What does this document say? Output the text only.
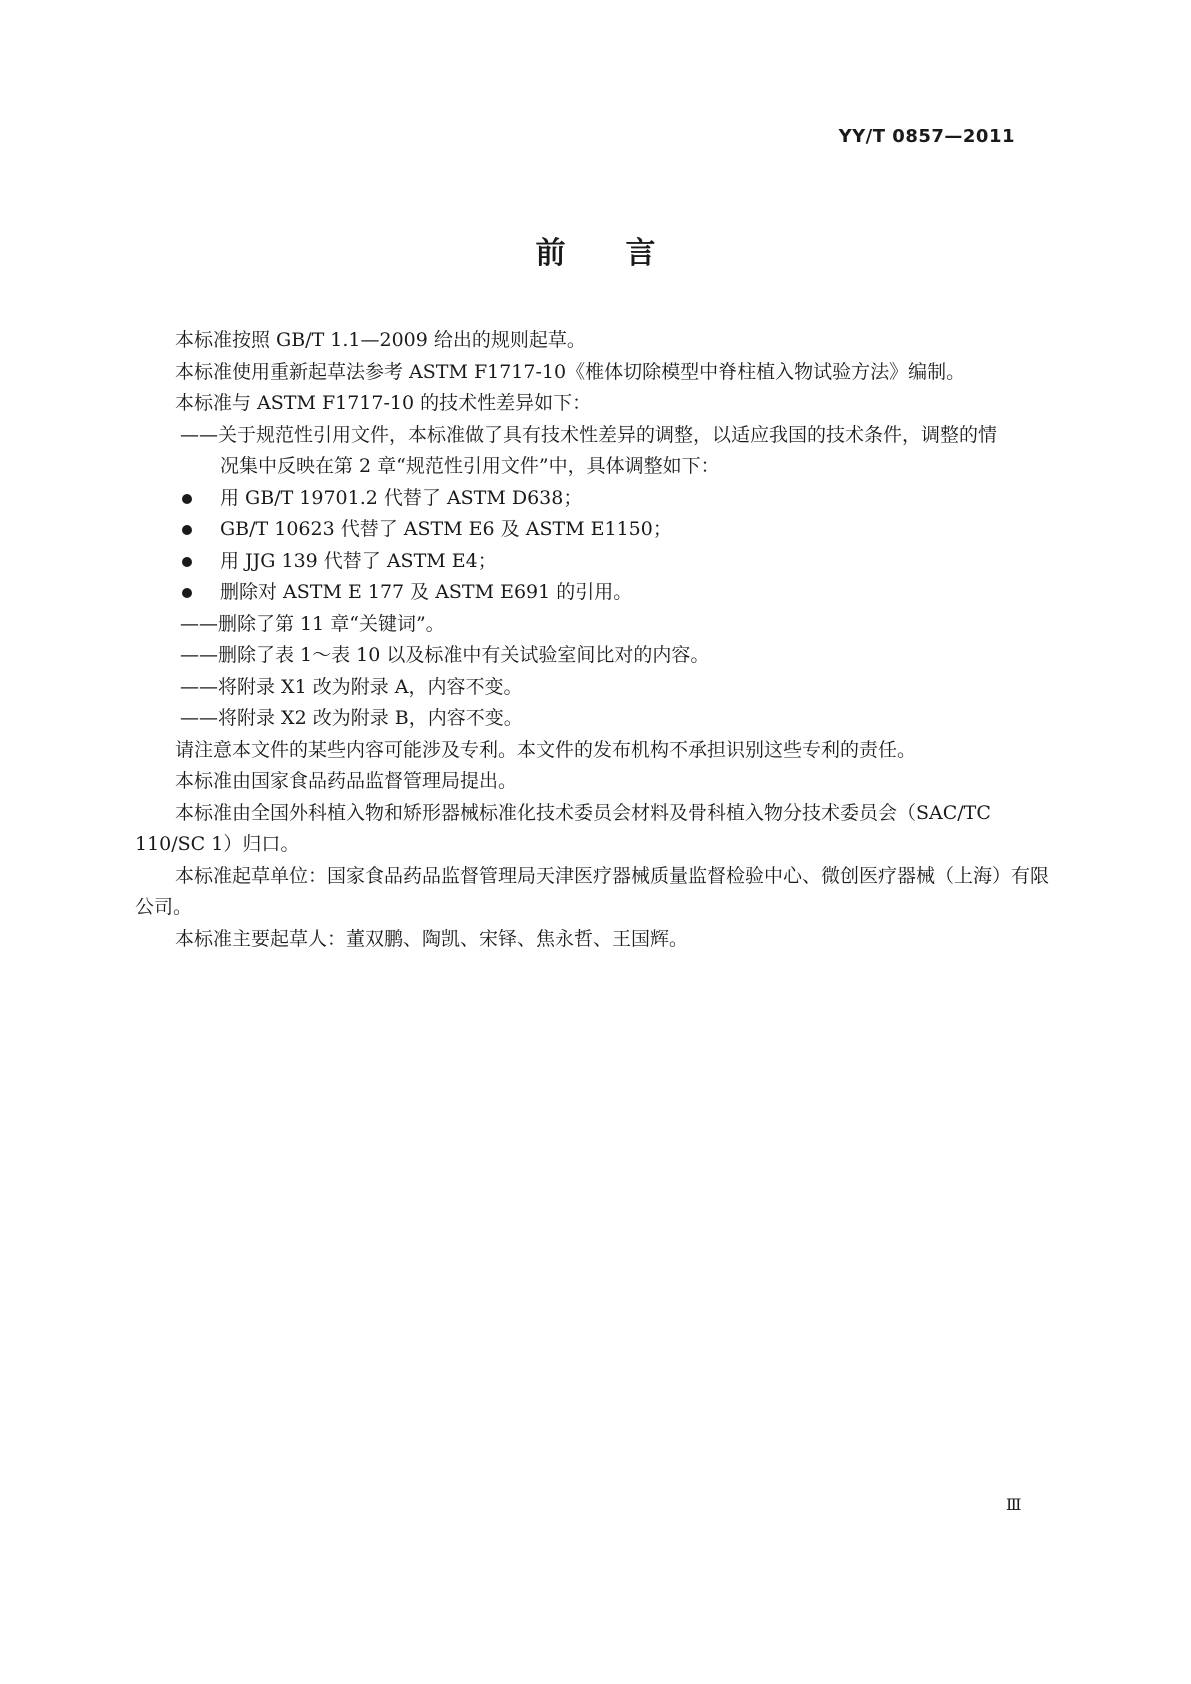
YY/T 0857—2011
前 言

本标准按照 GB/T 1.1—2009 给出的规则起草。

本标准使用重新起草法参考 ASTM F1717-10《椎体切除模型中脊柱植入物试验方法》编制。

本标准与 ASTM F1717-10 的技术性差异如下：

——关于规范性引用文件，本标准做了具有技术性差异的调整，以适应我国的技术条件，调整的情

况集中反映在第 2 章“规范性引用文件”中，具体调整如下：

用 GB/T 19701.2 代替了 ASTM D638；

GB/T 10623 代替了 ASTM E6 及 ASTM E1150；

用 JJG 139 代替了 ASTM E4；

删除对 ASTM E 177 及 ASTM E691 的引用。

——删除了第 11 章“关键词”。

——删除了表 1～表 10 以及标准中有关试验室间比对的内容。

——将附录 X1 改为附录 A，内容不变。

——将附录 X2 改为附录 B，内容不变。

请注意本文件的某些内容可能涉及专利。本文件的发布机构不承担识别这些专利的责任。

本标准由国家食品药品监督管理局提出。

本标准由全国外科植入物和矫形器械标准化技术委员会材料及骨科植入物分技术委员会（SAC/TC 110/SC 1）归口。

本标准起草单位：国家食品药品监督管理局天津医疗器械质量监督检验中心、微创医疗器械（上海）有限公司。

本标准主要起草人：董双鹏、陶凯、宋铎、焦永哲、王国辉。

Ⅲ
